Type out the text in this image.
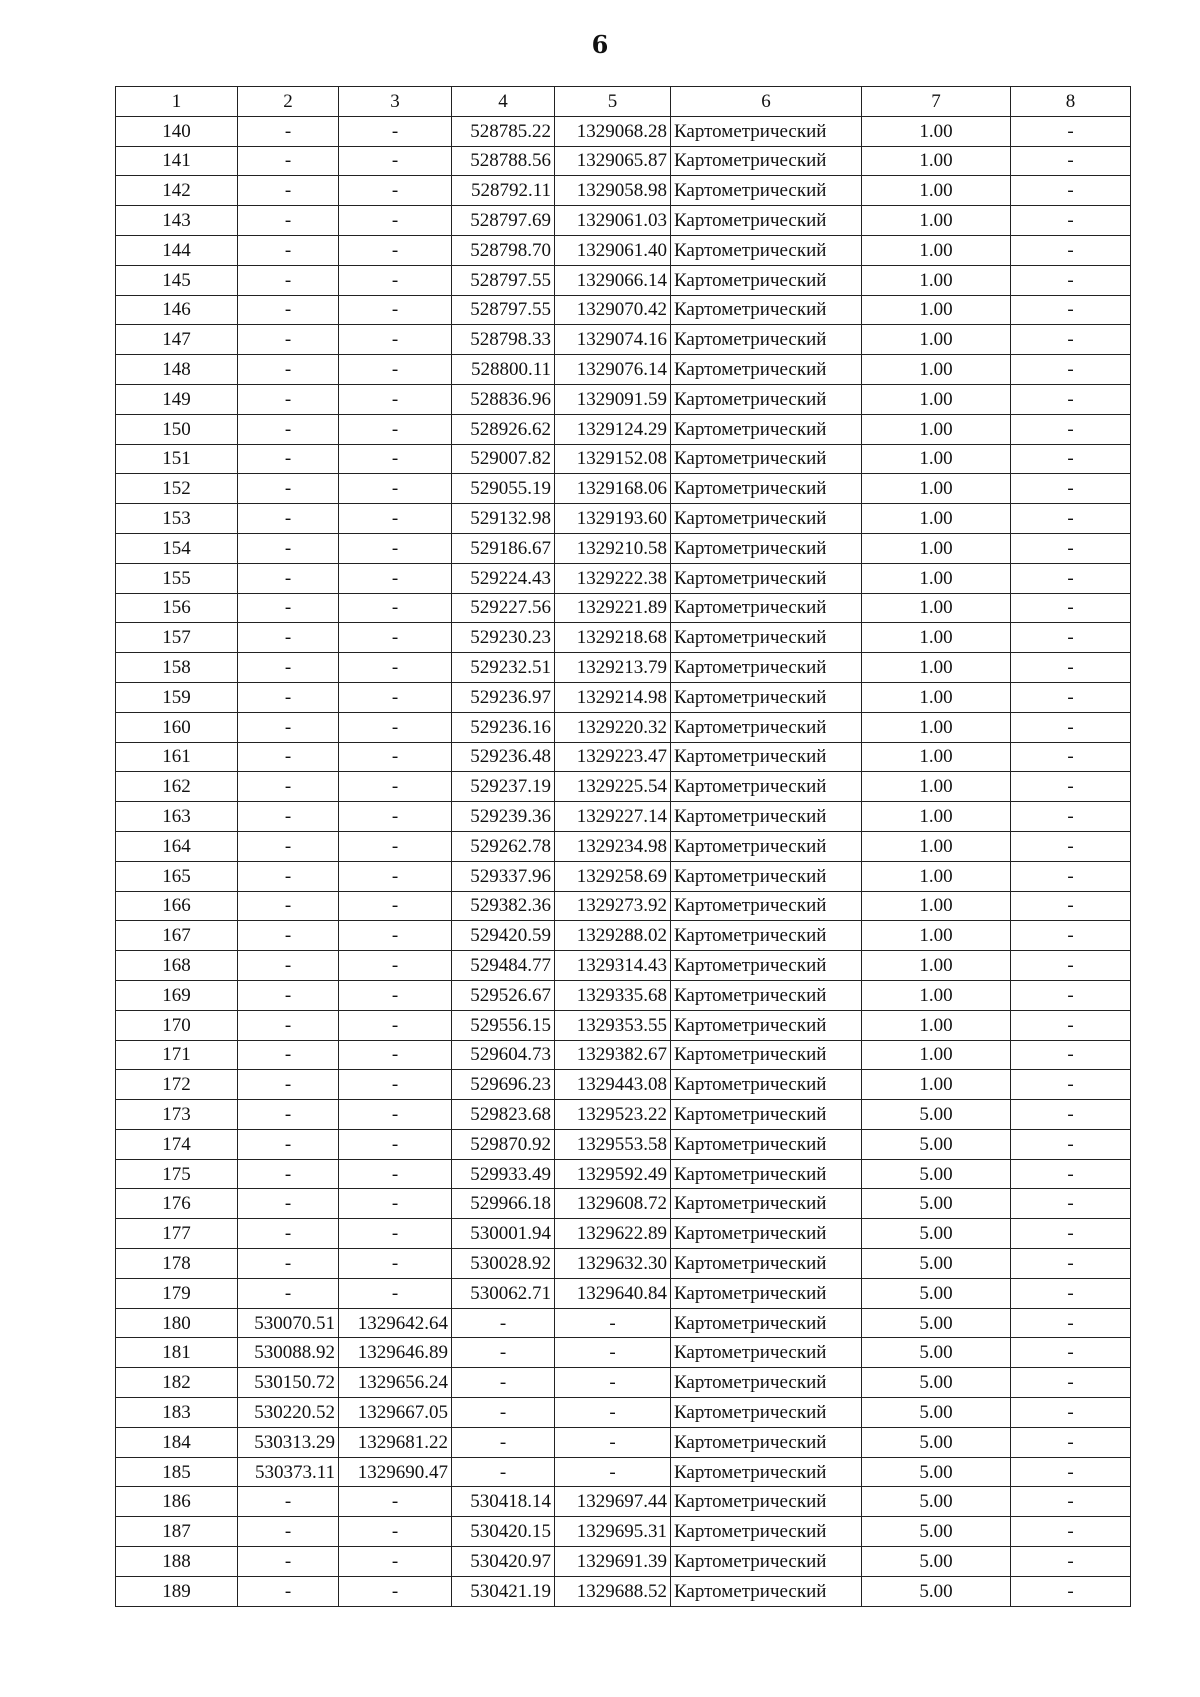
6
1	2	3	4	5	6	7	8
140	-	-	528785.22	1329068.28	Картометрический	1.00	-
141	-	-	528788.56	1329065.87	Картометрический	1.00	-
142	-	-	528792.11	1329058.98	Картометрический	1.00	-
143	-	-	528797.69	1329061.03	Картометрический	1.00	-
144	-	-	528798.70	1329061.40	Картометрический	1.00	-
145	-	-	528797.55	1329066.14	Картометрический	1.00	-
146	-	-	528797.55	1329070.42	Картометрический	1.00	-
147	-	-	528798.33	1329074.16	Картометрический	1.00	-
148	-	-	528800.11	1329076.14	Картометрический	1.00	-
149	-	-	528836.96	1329091.59	Картометрический	1.00	-
150	-	-	528926.62	1329124.29	Картометрический	1.00	-
151	-	-	529007.82	1329152.08	Картометрический	1.00	-
152	-	-	529055.19	1329168.06	Картометрический	1.00	-
153	-	-	529132.98	1329193.60	Картометрический	1.00	-
154	-	-	529186.67	1329210.58	Картометрический	1.00	-
155	-	-	529224.43	1329222.38	Картометрический	1.00	-
156	-	-	529227.56	1329221.89	Картометрический	1.00	-
157	-	-	529230.23	1329218.68	Картометрический	1.00	-
158	-	-	529232.51	1329213.79	Картометрический	1.00	-
159	-	-	529236.97	1329214.98	Картометрический	1.00	-
160	-	-	529236.16	1329220.32	Картометрический	1.00	-
161	-	-	529236.48	1329223.47	Картометрический	1.00	-
162	-	-	529237.19	1329225.54	Картометрический	1.00	-
163	-	-	529239.36	1329227.14	Картометрический	1.00	-
164	-	-	529262.78	1329234.98	Картометрический	1.00	-
165	-	-	529337.96	1329258.69	Картометрический	1.00	-
166	-	-	529382.36	1329273.92	Картометрический	1.00	-
167	-	-	529420.59	1329288.02	Картометрический	1.00	-
168	-	-	529484.77	1329314.43	Картометрический	1.00	-
169	-	-	529526.67	1329335.68	Картометрический	1.00	-
170	-	-	529556.15	1329353.55	Картометрический	1.00	-
171	-	-	529604.73	1329382.67	Картометрический	1.00	-
172	-	-	529696.23	1329443.08	Картометрический	1.00	-
173	-	-	529823.68	1329523.22	Картометрический	5.00	-
174	-	-	529870.92	1329553.58	Картометрический	5.00	-
175	-	-	529933.49	1329592.49	Картометрический	5.00	-
176	-	-	529966.18	1329608.72	Картометрический	5.00	-
177	-	-	530001.94	1329622.89	Картометрический	5.00	-
178	-	-	530028.92	1329632.30	Картометрический	5.00	-
179	-	-	530062.71	1329640.84	Картометрический	5.00	-
180	530070.51	1329642.64	-	-	Картометрический	5.00	-
181	530088.92	1329646.89	-	-	Картометрический	5.00	-
182	530150.72	1329656.24	-	-	Картометрический	5.00	-
183	530220.52	1329667.05	-	-	Картометрический	5.00	-
184	530313.29	1329681.22	-	-	Картометрический	5.00	-
185	530373.11	1329690.47	-	-	Картометрический	5.00	-
186	-	-	530418.14	1329697.44	Картометрический	5.00	-
187	-	-	530420.15	1329695.31	Картометрический	5.00	-
188	-	-	530420.97	1329691.39	Картометрический	5.00	-
189	-	-	530421.19	1329688.52	Картометрический	5.00	-
